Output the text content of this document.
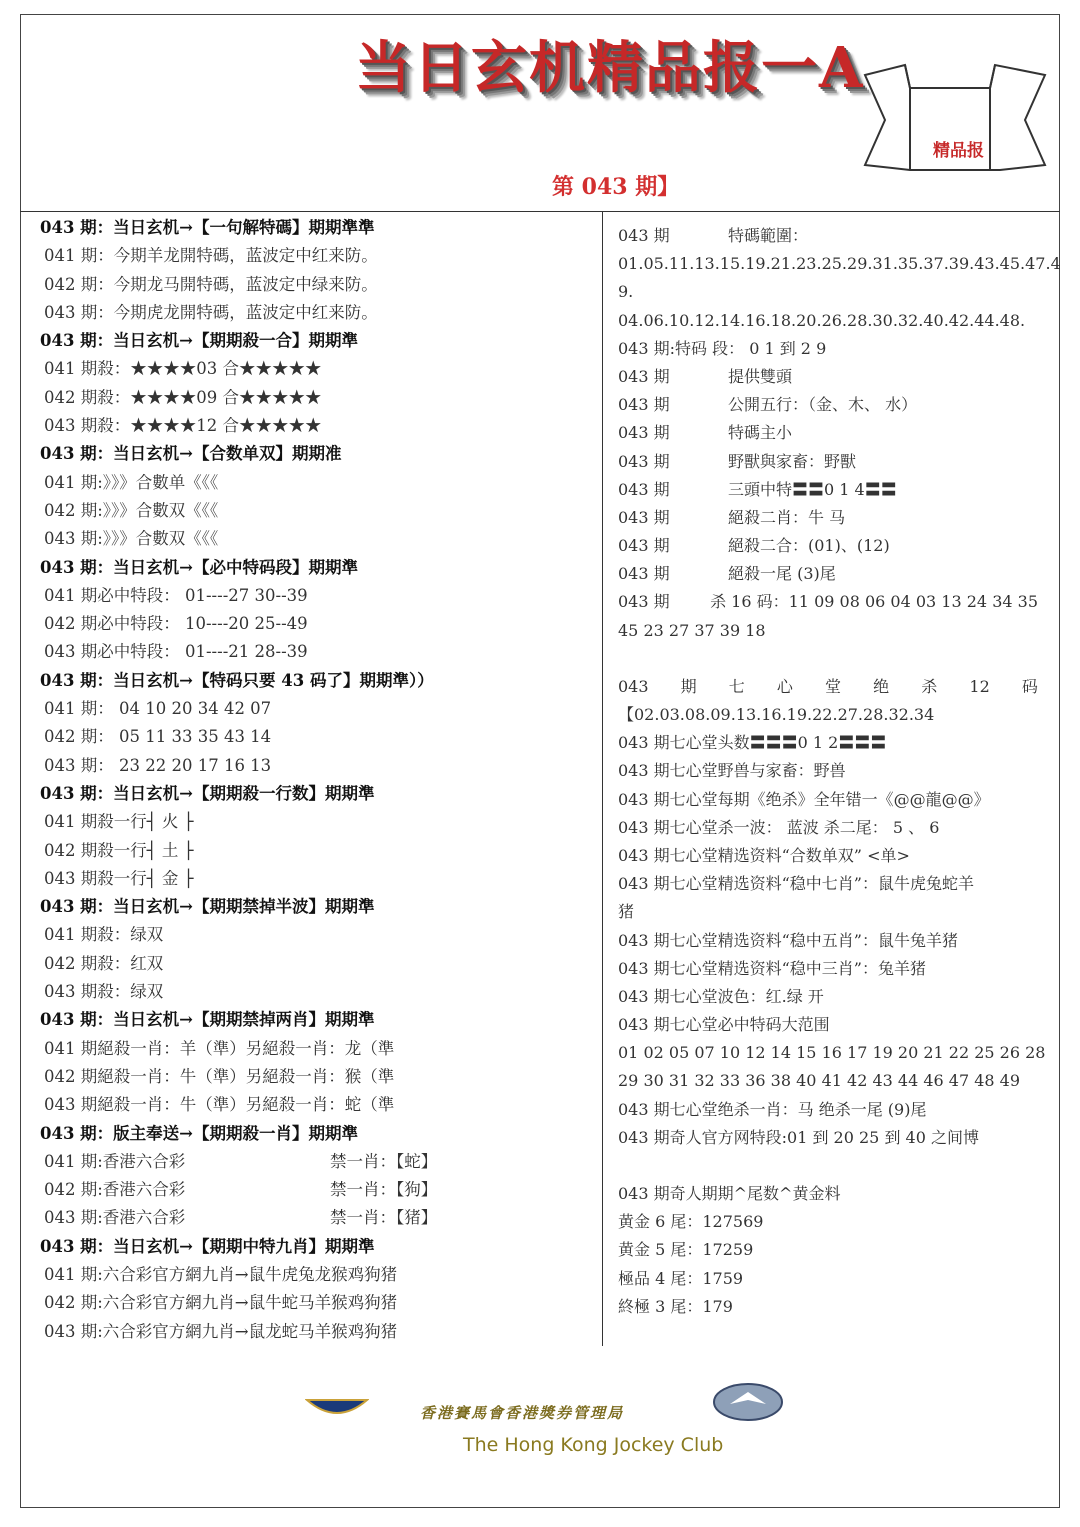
当日玄机精品报一A
精品报
第 043 期】
043 期：当日玄机→【一句解特碼】期期準準
041 期：今期羊龙開特碼，蓝波定中红来防。
042 期：今期龙马開特碼，蓝波定中绿来防。
043 期：今期虎龙開特碼，蓝波定中红来防。
043 期：当日玄机→【期期殺一合】期期準
041 期殺：★★★★03 合★★★★★
042 期殺：★★★★09 合★★★★★
043 期殺：★★★★12 合★★★★★
043 期：当日玄机→【合数单双】期期准
041 期:》》》合數单《《《
042 期:》》》合數双《《《
043 期:》》》合數双《《《
043 期：当日玄机→【必中特码段】期期準
041 期必中特段： 01----27 30--39
042 期必中特段： 10----20 25--49
043 期必中特段： 01----21 28--39
043 期：当日玄机→【特码只要 43 码了】期期準））
041 期： 04 10 20 34 42 07
042 期： 05 11 33 35 43 14
043 期： 23 22 20 17 16 13
043 期：当日玄机→【期期殺一行数】期期準
041 期殺一行┤ 火 ├
042 期殺一行┤ 土 ├
043 期殺一行┤ 金 ├
043 期：当日玄机→【期期禁掉半波】期期準
041 期殺：绿双
042 期殺：红双
043 期殺：绿双
043 期：当日玄机→【期期禁掉两肖】期期準
041 期絕殺一肖：羊（準）另絕殺一肖：龙（準
042 期絕殺一肖：牛（準）另絕殺一肖：猴（準
043 期絕殺一肖：牛（準）另絕殺一肖：蛇（準
043 期：版主奉送→【期期殺一肖】期期準
041 期:香港六合彩	禁一肖：【蛇】
042 期:香港六合彩	禁一肖：【狗】
043 期:香港六合彩	禁一肖：【猪】
043 期：当日玄机→【期期中特九肖】期期準
041 期:六合彩官方網九肖→鼠牛虎兔龙猴鸡狗猪
042 期:六合彩官方網九肖→鼠牛蛇马羊猴鸡狗猪
043 期:六合彩官方網九肖→鼠龙蛇马羊猴鸡狗猪
043 期	特碼範圍：
01.05.11.13.15.19.21.23.25.29.31.35.37.39.43.45.47.4
9.
04.06.10.12.14.16.18.20.26.28.30.32.40.42.44.48.
043 期:特码 段： 0 1 到 2 9
043 期	提供雙頭
043 期	公開五行：（金、木、 水）
043 期	特碼主小
043 期	野獸與家畜：野獸
043 期	三頭中特〓〓0 1 4〓〓
043 期	絕殺二肖：牛 马
043 期	絕殺二合：(01)、(12)
043 期	絕殺一尾 (3)尾
043 期	杀 16 码：11 09 08 06 04 03 13 24 34 35
45 23 27 37 39 18
043 期 七 心 堂 绝 杀 12 码
【02.03.08.09.13.16.19.22.27.28.32.34
043 期七心堂头数〓〓〓0 1 2〓〓〓
043 期七心堂野兽与家畜：野兽
043 期七心堂每期《绝杀》全年错一《@@龍@@》
043 期七心堂杀一波： 蓝波 杀二尾： 5 、 6
043 期七心堂精选资料“合数单双” <单>
043 期七心堂精选资料“稳中七肖”：鼠牛虎兔蛇羊
猪
043 期七心堂精选资料“稳中五肖”：鼠牛兔羊猪
043 期七心堂精选资料“稳中三肖”：兔羊猪
043 期七心堂波色：红.绿 开
043 期七心堂必中特码大范围
01 02 05 07 10 12 14 15 16 17 19 20 21 22 25 26 28
29 30 31 32 33 36 38 40 41 42 43 44 46 47 48 49
043 期七心堂绝杀一肖：马 绝杀一尾 (9)尾
043 期奇人官方网特段:01 到 20 25 到 40 之间博
043 期奇人期期^尾数^黄金料
黄金 6 尾：127569
黄金 5 尾：17259
極品 4 尾：1759
終極 3 尾：179
香港賽馬會香港獎券管理局
The Hong Kong Jockey Club
